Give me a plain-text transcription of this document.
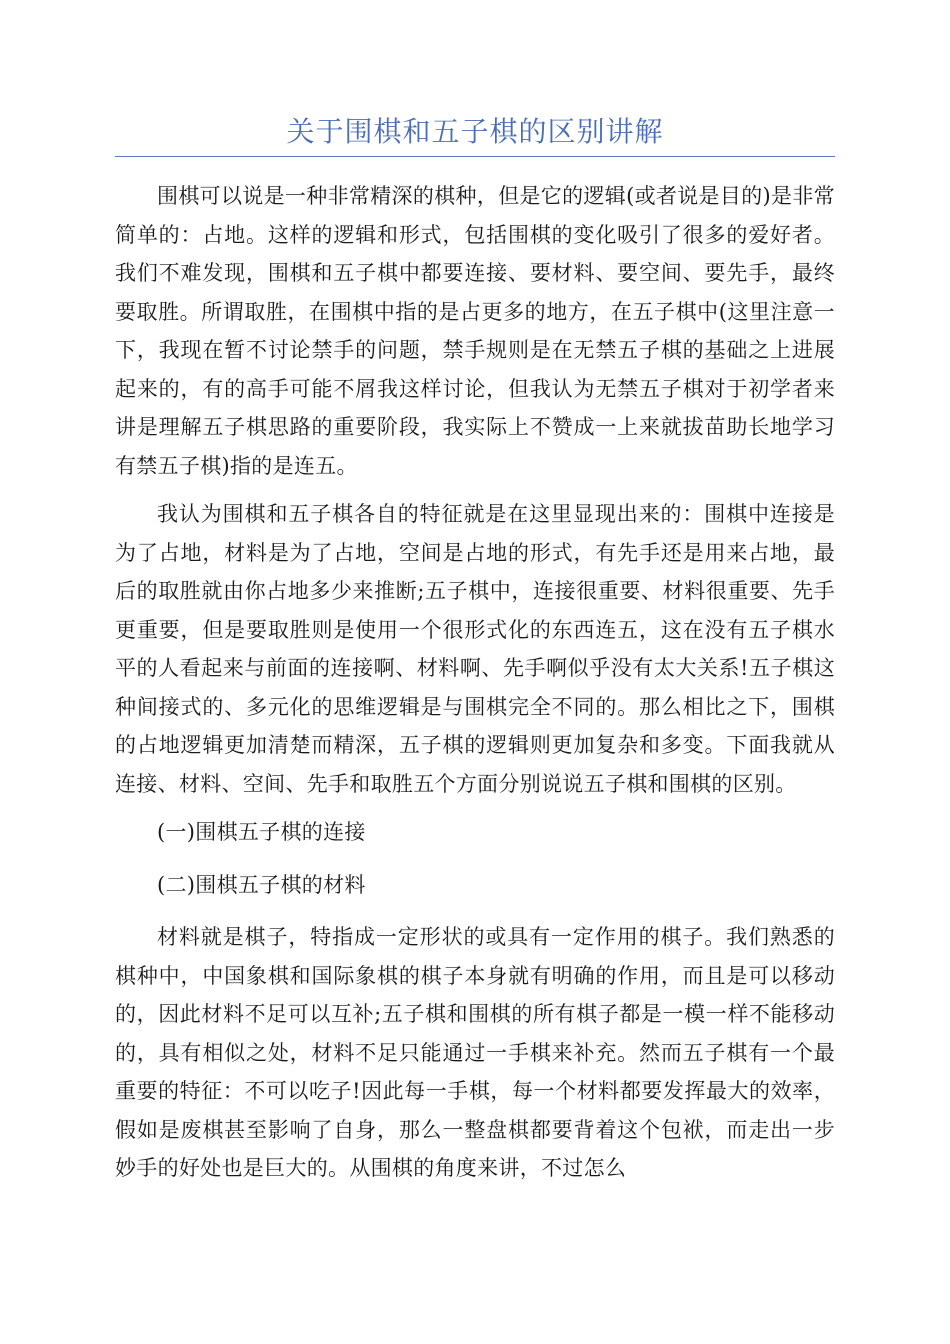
关于围棋和五子棋的区别讲解

围棋可以说是一种非常精深的棋种，但是它的逻辑(或者说是目的)是非常简单的：占地。这样的逻辑和形式，包括围棋的变化吸引了很多的爱好者。我们不难发现，围棋和五子棋中都要连接、要材料、要空间、要先手，最终要取胜。所谓取胜，在围棋中指的是占更多的地方，在五子棋中(这里注意一下，我现在暂不讨论禁手的问题，禁手规则是在无禁五子棋的基础之上进展起来的，有的高手可能不屑我这样讨论，但我认为无禁五子棋对于初学者来讲是理解五子棋思路的重要阶段，我实际上不赞成一上来就拔苗助长地学习有禁五子棋)指的是连五。

我认为围棋和五子棋各自的特征就是在这里显现出来的：围棋中连接是为了占地，材料是为了占地，空间是占地的形式，有先手还是用来占地，最后的取胜就由你占地多少来推断;五子棋中，连接很重要、材料很重要、先手更重要，但是要取胜则是使用一个很形式化的东西连五，这在没有五子棋水平的人看起来与前面的连接啊、材料啊、先手啊似乎没有太大关系!五子棋这种间接式的、多元化的思维逻辑是与围棋完全不同的。那么相比之下，围棋的占地逻辑更加清楚而精深，五子棋的逻辑则更加复杂和多变。下面我就从连接、材料、空间、先手和取胜五个方面分别说说五子棋和围棋的区别。

(一)围棋五子棋的连接

(二)围棋五子棋的材料

材料就是棋子，特指成一定形状的或具有一定作用的棋子。我们熟悉的棋种中，中国象棋和国际象棋的棋子本身就有明确的作用，而且是可以移动的，因此材料不足可以互补;五子棋和围棋的所有棋子都是一模一样不能移动的，具有相似之处，材料不足只能通过一手棋来补充。然而五子棋有一个最重要的特征：不可以吃子!因此每一手棋，每一个材料都要发挥最大的效率，假如是废棋甚至影响了自身，那么一整盘棋都要背着这个包袱，而走出一步妙手的好处也是巨大的。从围棋的角度来讲，不过怎么
